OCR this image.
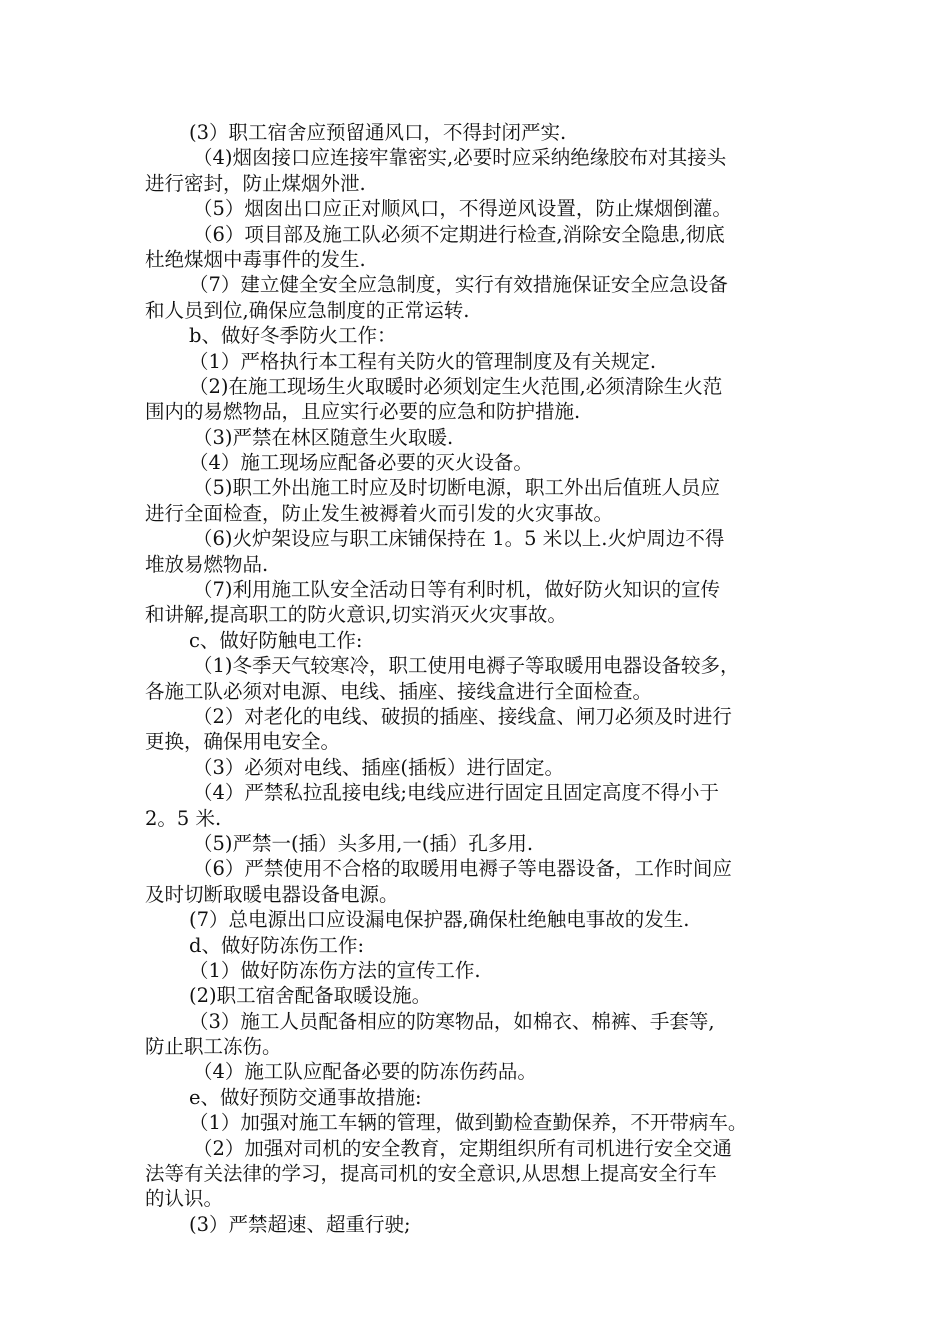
(3）职工宿舍应预留通风口，不得封闭严实.
（4)烟囱接口应连接牢靠密实,必要时应采纳绝缘胶布对其接头
进行密封，防止煤烟外泄.
（5）烟囱出口应正对顺风口，不得逆风设置，防止煤烟倒灌。
（6）项目部及施工队必须不定期进行检查,消除安全隐患,彻底
杜绝煤烟中毒事件的发生.
（7）建立健全安全应急制度，实行有效措施保证安全应急设备
和人员到位,确保应急制度的正常运转.
b、做好冬季防火工作：
（1）严格执行本工程有关防火的管理制度及有关规定.
（2)在施工现场生火取暖时必须划定生火范围,必须清除生火范
围内的易燃物品，且应实行必要的应急和防护措施.
（3)严禁在林区随意生火取暖.
（4）施工现场应配备必要的灭火设备。
（5)职工外出施工时应及时切断电源，职工外出后值班人员应
进行全面检查，防止发生被褥着火而引发的火灾事故。
（6)火炉架设应与职工床铺保持在 1。5 米以上.火炉周边不得
堆放易燃物品.
（7)利用施工队安全活动日等有利时机，做好防火知识的宣传
和讲解,提高职工的防火意识,切实消灭火灾事故。
c、做好防触电工作:
（1)冬季天气较寒冷，职工使用电褥子等取暖用电器设备较多，
各施工队必须对电源、电线、插座、接线盒进行全面检查。
（2）对老化的电线、破损的插座、接线盒、闸刀必须及时进行
更换，确保用电安全。
（3）必须对电线、插座(插板）进行固定。
（4）严禁私拉乱接电线;电线应进行固定且固定高度不得小于
2。5 米.
（5)严禁一(插）头多用,一(插）孔多用.
（6）严禁使用不合格的取暖用电褥子等电器设备，工作时间应
及时切断取暖电器设备电源。
(7）总电源出口应设漏电保护器,确保杜绝触电事故的发生.
d、做好防冻伤工作:
（1）做好防冻伤方法的宣传工作.
(2)职工宿舍配备取暖设施。
（3）施工人员配备相应的防寒物品，如棉衣、棉裤、手套等,
防止职工冻伤。
（4）施工队应配备必要的防冻伤药品。
e、做好预防交通事故措施:
（1）加强对施工车辆的管理，做到勤检查勤保养，不开带病车。
（2）加强对司机的安全教育，定期组织所有司机进行安全交通
法等有关法律的学习，提高司机的安全意识,从思想上提高安全行车
的认识。
(3）严禁超速、超重行驶;
